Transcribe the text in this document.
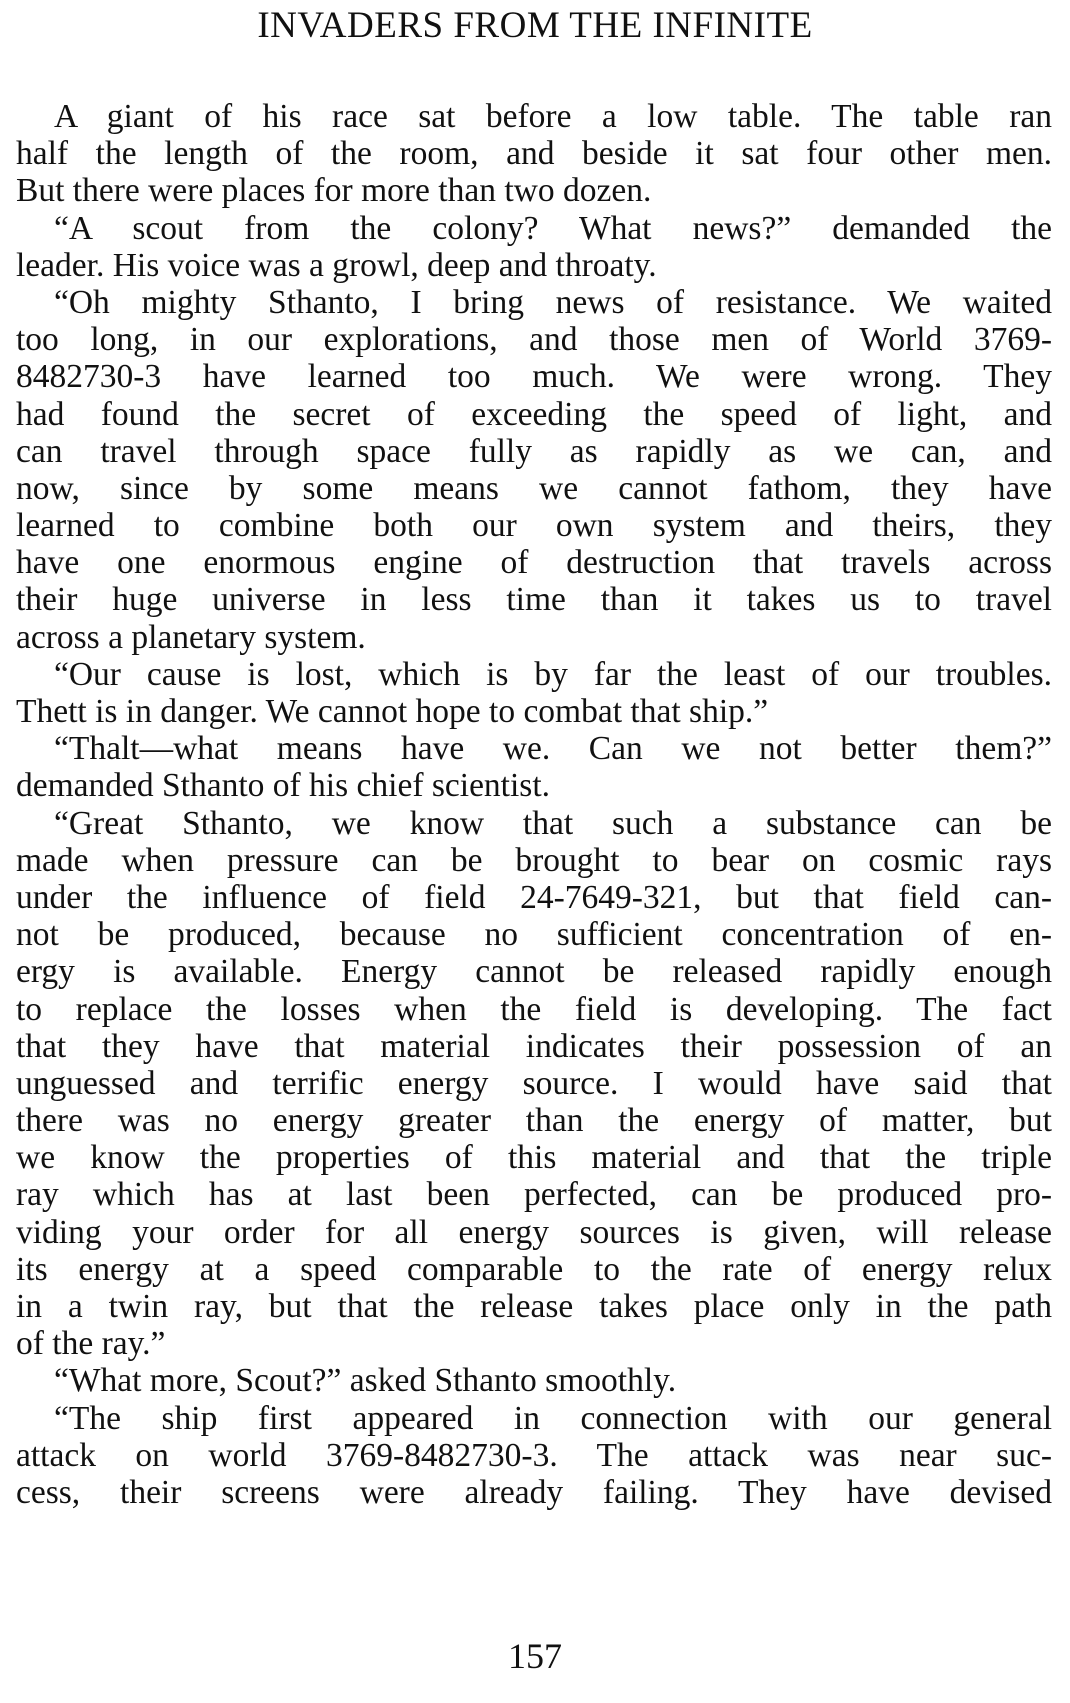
INVADERS FROM THE INFINITE
A giant of his race sat before a low table. The table ran
half the length of the room, and beside it sat four other men.
But there were places for more than two dozen.
“A scout from the colony? What news?” demanded the
leader. His voice was a growl, deep and throaty.
“Oh mighty Sthanto, I bring news of resistance. We waited
too long, in our explorations, and those men of World 3769-
8482730-3 have learned too much. We were wrong. They
had found the secret of exceeding the speed of light, and
can travel through space fully as rapidly as we can, and
now, since by some means we cannot fathom, they have
learned to combine both our own system and theirs, they
have one enormous engine of destruction that travels across
their huge universe in less time than it takes us to travel
across a planetary system.
“Our cause is lost, which is by far the least of our troubles.
Thett is in danger. We cannot hope to combat that ship.”
“Thalt—what means have we. Can we not better them?”
demanded Sthanto of his chief scientist.
“Great Sthanto, we know that such a substance can be
made when pressure can be brought to bear on cosmic rays
under the influence of field 24-7649-321, but that field can-
not be produced, because no sufficient concentration of en-
ergy is available. Energy cannot be released rapidly enough
to replace the losses when the field is developing. The fact
that they have that material indicates their possession of an
unguessed and terrific energy source. I would have said that
there was no energy greater than the energy of matter, but
we know the properties of this material and that the triple
ray which has at last been perfected, can be produced pro-
viding your order for all energy sources is given, will release
its energy at a speed comparable to the rate of energy relux
in a twin ray, but that the release takes place only in the path
of the ray.”
“What more, Scout?” asked Sthanto smoothly.
“The ship first appeared in connection with our general
attack on world 3769-8482730-3. The attack was near suc-
cess, their screens were already failing. They have devised
157
